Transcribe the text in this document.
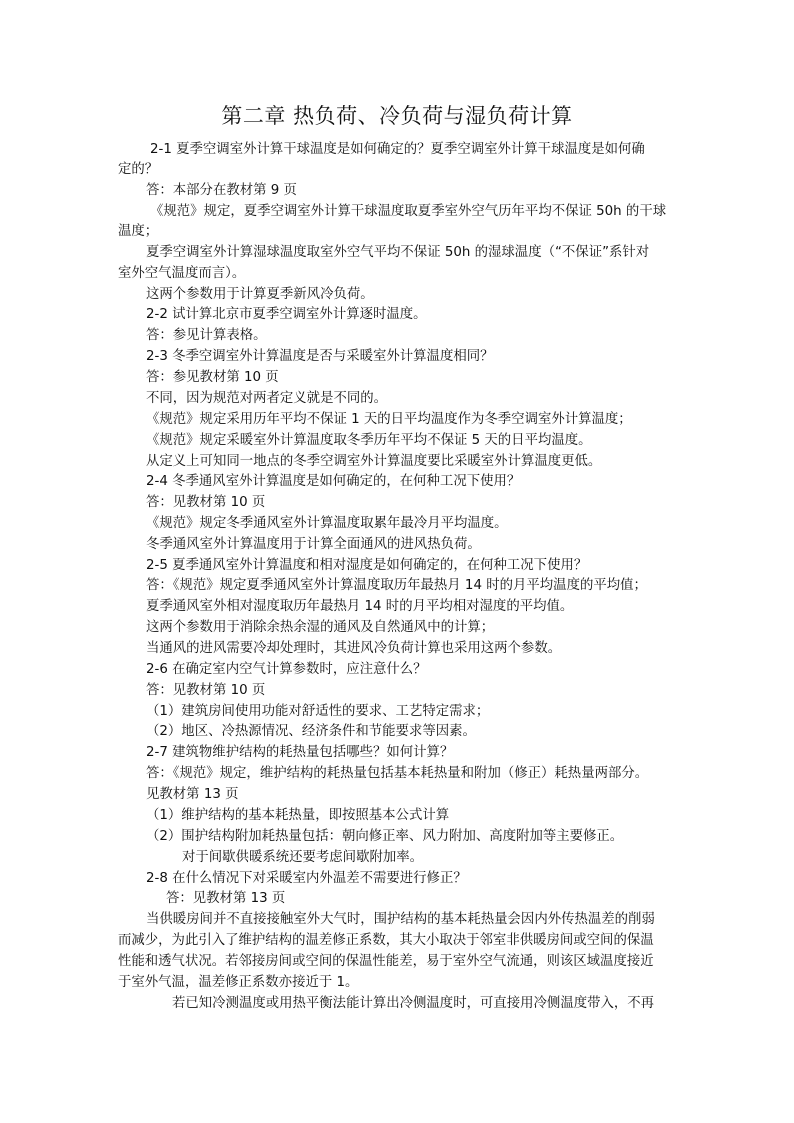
第二章 热负荷、冷负荷与湿负荷计算
2-1 夏季空调室外计算干球温度是如何确定的？夏季空调室外计算干球温度是如何确
定的？
答：本部分在教材第 9 页
《规范》规定，夏季空调室外计算干球温度取夏季室外空气历年平均不保证 50h 的干球
温度；
夏季空调室外计算湿球温度取室外空气平均不保证 50h 的湿球温度（“不保证”系针对
室外空气温度而言）。
这两个参数用于计算夏季新风冷负荷。
2-2 试计算北京市夏季空调室外计算逐时温度。
答：参见计算表格。
2-3 冬季空调室外计算温度是否与采暖室外计算温度相同？
答：参见教材第 10 页
不同，因为规范对两者定义就是不同的。
《规范》规定采用历年平均不保证 1 天的日平均温度作为冬季空调室外计算温度；
《规范》规定采暖室外计算温度取冬季历年平均不保证 5 天的日平均温度。
从定义上可知同一地点的冬季空调室外计算温度要比采暖室外计算温度更低。
2-4 冬季通风室外计算温度是如何确定的，在何种工况下使用？
答：见教材第 10 页
《规范》规定冬季通风室外计算温度取累年最冷月平均温度。
冬季通风室外计算温度用于计算全面通风的进风热负荷。
2-5 夏季通风室外计算温度和相对湿度是如何确定的，在何种工况下使用？
答：《规范》规定夏季通风室外计算温度取历年最热月 14 时的月平均温度的平均值；
夏季通风室外相对湿度取历年最热月 14 时的月平均相对湿度的平均值。
这两个参数用于消除余热余湿的通风及自然通风中的计算；
当通风的进风需要冷却处理时，其进风冷负荷计算也采用这两个参数。
2-6 在确定室内空气计算参数时，应注意什么？
答：见教材第 10 页
（1）建筑房间使用功能对舒适性的要求、工艺特定需求；
（2）地区、冷热源情况、经济条件和节能要求等因素。
2-7 建筑物维护结构的耗热量包括哪些？如何计算？
答：《规范》规定，维护结构的耗热量包括基本耗热量和附加（修正）耗热量两部分。
见教材第 13 页
（1）维护结构的基本耗热量，即按照基本公式计算
（2）围护结构附加耗热量包括：朝向修正率、风力附加、高度附加等主要修正。
对于间歇供暖系统还要考虑间歇附加率。
2-8 在什么情况下对采暖室内外温差不需要进行修正？
答：见教材第 13 页
当供暖房间并不直接接触室外大气时，围护结构的基本耗热量会因内外传热温差的削弱
而减少，为此引入了维护结构的温差修正系数，其大小取决于邻室非供暖房间或空间的保温
性能和透气状况。若邻接房间或空间的保温性能差，易于室外空气流通，则该区域温度接近
于室外气温，温差修正系数亦接近于 1。
若已知冷测温度或用热平衡法能计算出冷侧温度时，可直接用冷侧温度带入，不再
